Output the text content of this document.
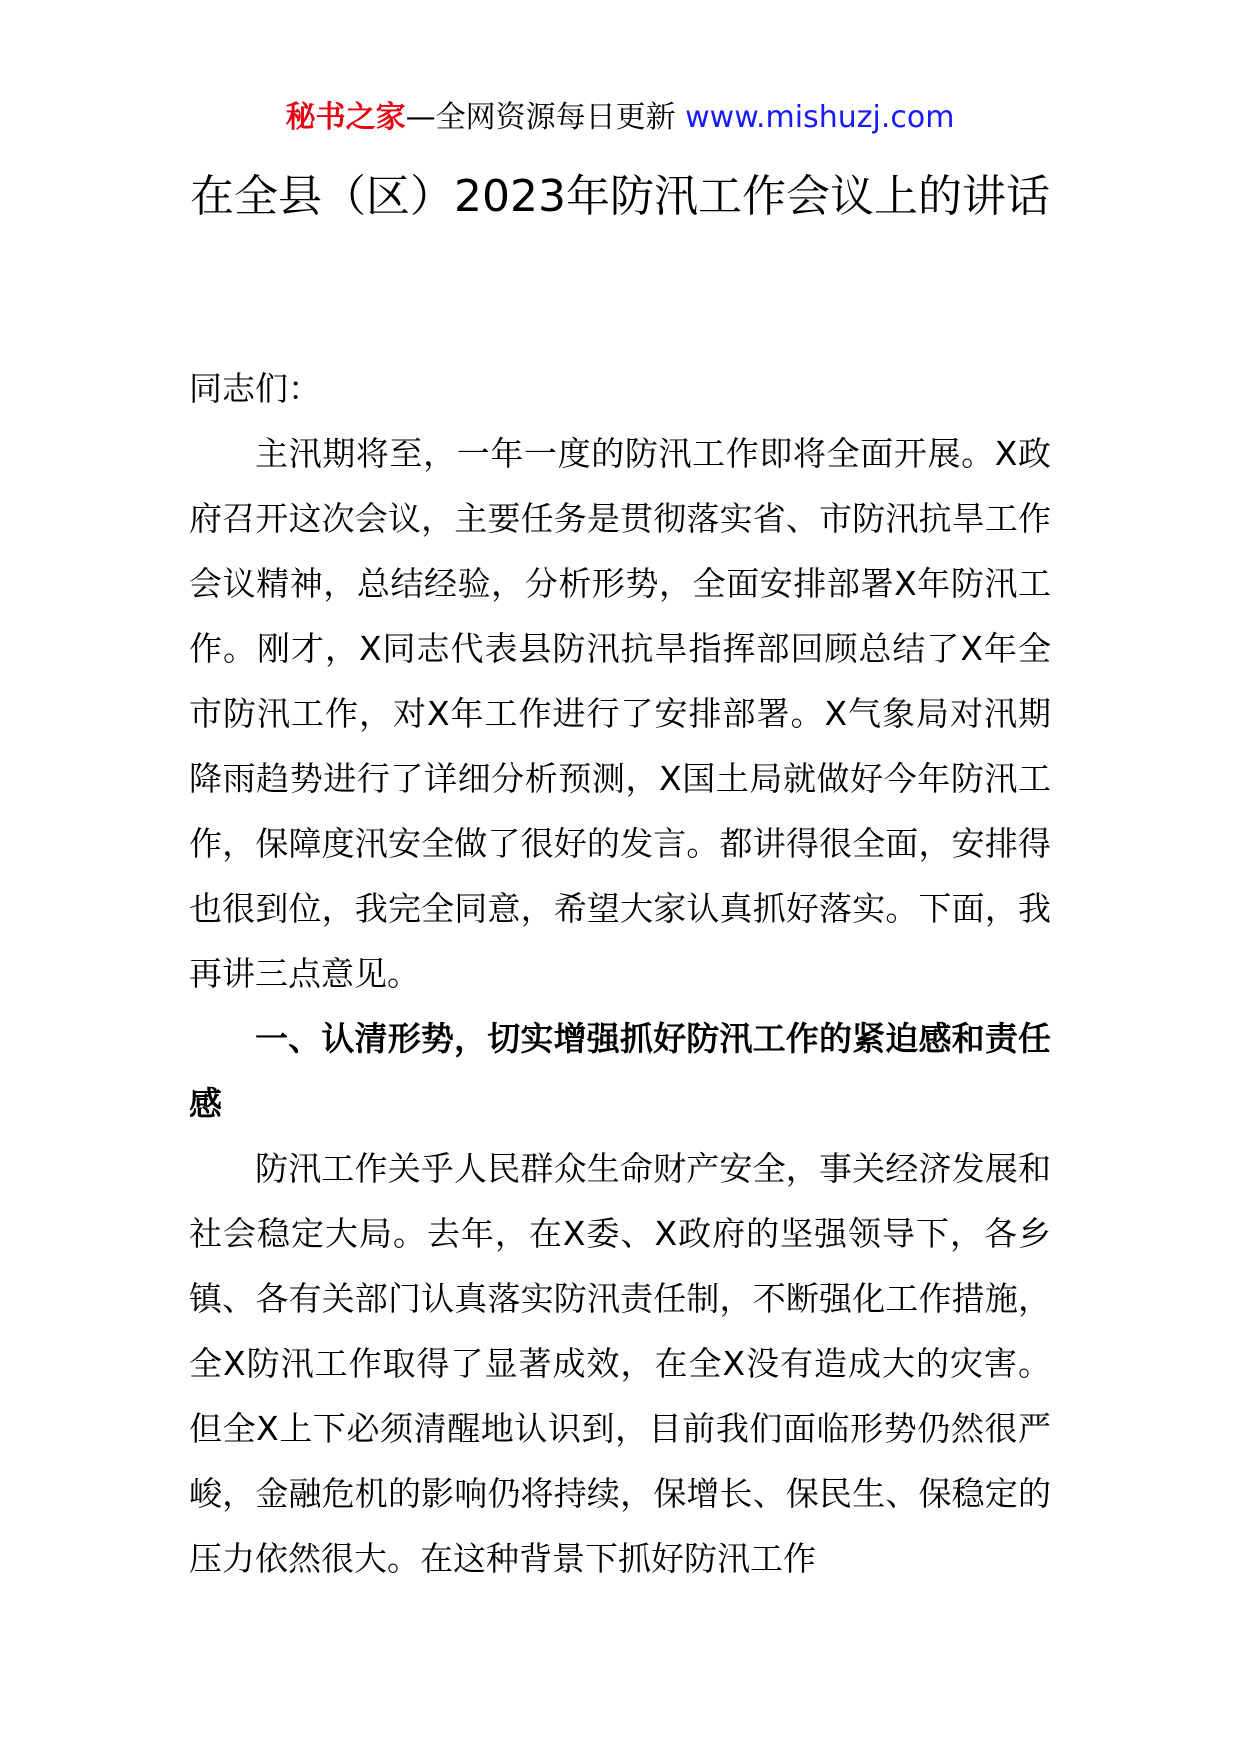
秘书之家—全网资源每日更新 www.mishuzj.com
在全县（区）2023年防汛工作会议上的讲话

同志们：

主汛期将至，一年一度的防汛工作即将全面开展。X政府召开这次会议，主要任务是贯彻落实省、市防汛抗旱工作会议精神，总结经验，分析形势，全面安排部署X年防汛工作。刚才，X同志代表县防汛抗旱指挥部回顾总结了X年全市防汛工作，对X年工作进行了安排部署。X气象局对汛期降雨趋势进行了详细分析预测，X国土局就做好今年防汛工作，保障度汛安全做了很好的发言。都讲得很全面，安排得也很到位，我完全同意，希望大家认真抓好落实。下面，我再讲三点意见。

一、认清形势，切实增强抓好防汛工作的紧迫感和责任感

防汛工作关乎人民群众生命财产安全，事关经济发展和社会稳定大局。去年，在X委、X政府的坚强领导下，各乡镇、各有关部门认真落实防汛责任制，不断强化工作措施，全X防汛工作取得了显著成效，在全X没有造成大的灾害。但全X上下必须清醒地认识到，目前我们面临形势仍然很严峻，金融危机的影响仍将持续，保增长、保民生、保稳定的压力依然很大。在这种背景下抓好防汛工作
